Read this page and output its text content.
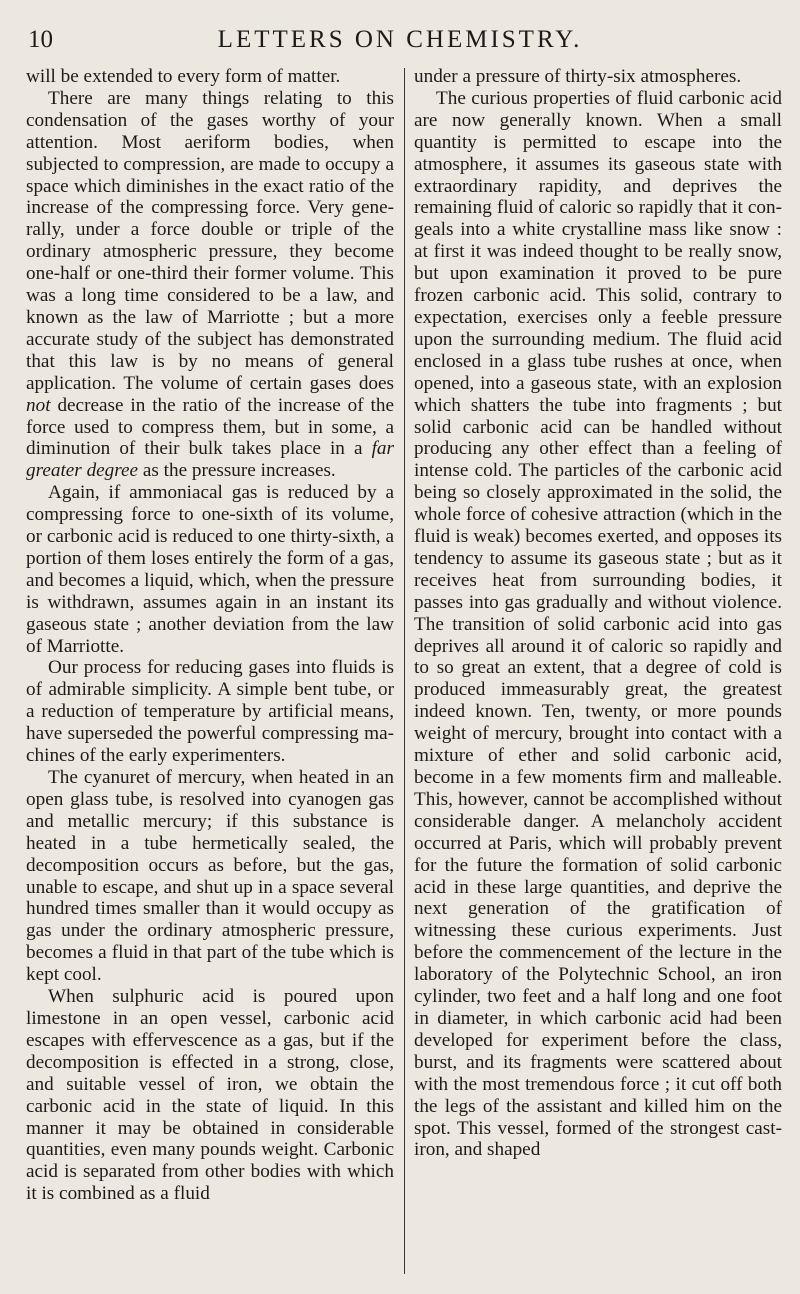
10	LETTERS ON CHEMISTRY.

will be extended to every form of matter.

There are many things relating to this condensation of the gases worthy of your attention. Most aeriform bodies, when subjected to compression, are made to occupy a space which diminishes in the exact ratio of the increase of the compressing force. Very generally, under a force double or triple of the ordinary atmospheric pressure, they become one-half or one-third their former volume. This was a long time considered to be a law, and known as the law of Marriotte ; but a more accurate study of the subject has demonstrated that this law is by no means of general application. The volume of certain gases does not decrease in the ratio of the increase of the force used to compress them, but in some, a diminution of their bulk takes place in a far greater degree as the pressure increases.

Again, if ammoniacal gas is reduced by a compressing force to one-sixth of its volume, or carbonic acid is reduced to one thirty-sixth, a portion of them loses entirely the form of a gas, and becomes a liquid, which, when the pressure is withdrawn, assumes again in an instant its gaseous state ; another deviation from the law of Marriotte.

Our process for reducing gases into fluids is of admirable simplicity. A simple bent tube, or a reduction of temperature by artificial means, have superseded the powerful compressing machines of the early experimenters.

The cyanuret of mercury, when heated in an open glass tube, is resolved into cyanogen gas and metallic mercury; if this substance is heated in a tube hermetically sealed, the decomposition occurs as before, but the gas, unable to escape, and shut up in a space several hundred times smaller than it would occupy as gas under the ordinary atmospheric pressure, becomes a fluid in that part of the tube which is kept cool.

When sulphuric acid is poured upon limestone in an open vessel, carbonic acid escapes with effervescence as a gas, but if the decomposition is effected in a strong, close, and suitable vessel of iron, we obtain the carbonic acid in the state of liquid. In this manner it may be obtained in considerable quantities, even many pounds weight. Carbonic acid is separated from other bodies with which it is combined as a fluid

under a pressure of thirty-six atmospheres.

The curious properties of fluid carbonic acid are now generally known. When a small quantity is permitted to escape into the atmosphere, it assumes its gaseous state with extraordinary rapidity, and deprives the remaining fluid of caloric so rapidly that it congeals into a white crystalline mass like snow : at first it was indeed thought to be really snow, but upon examination it proved to be pure frozen carbonic acid. This solid, contrary to expectation, exercises only a feeble pressure upon the surrounding medium. The fluid acid enclosed in a glass tube rushes at once, when opened, into a gaseous state, with an explosion which shatters the tube into fragments ; but solid carbonic acid can be handled without producing any other effect than a feeling of intense cold. The particles of the carbonic acid being so closely approximated in the solid, the whole force of cohesive attraction (which in the fluid is weak) becomes exerted, and opposes its tendency to assume its gaseous state ; but as it receives heat from surrounding bodies, it passes into gas gradually and without violence. The transition of solid carbonic acid into gas deprives all around it of caloric so rapidly and to so great an extent, that a degree of cold is produced immeasurably great, the greatest indeed known. Ten, twenty, or more pounds weight of mercury, brought into contact with a mixture of ether and solid carbonic acid, become in a few moments firm and malleable. This, however, cannot be accomplished without considerable danger. A melancholy accident occurred at Paris, which will probably prevent for the future the formation of solid carbonic acid in these large quantities, and deprive the next generation of the gratification of witnessing these curious experiments. Just before the commencement of the lecture in the laboratory of the Polytechnic School, an iron cylinder, two feet and a half long and one foot in diameter, in which carbonic acid had been developed for experiment before the class, burst, and its fragments were scattered about with the most tremendous force ; it cut off both the legs of the assistant and killed him on the spot. This vessel, formed of the strongest cast-iron, and shaped
